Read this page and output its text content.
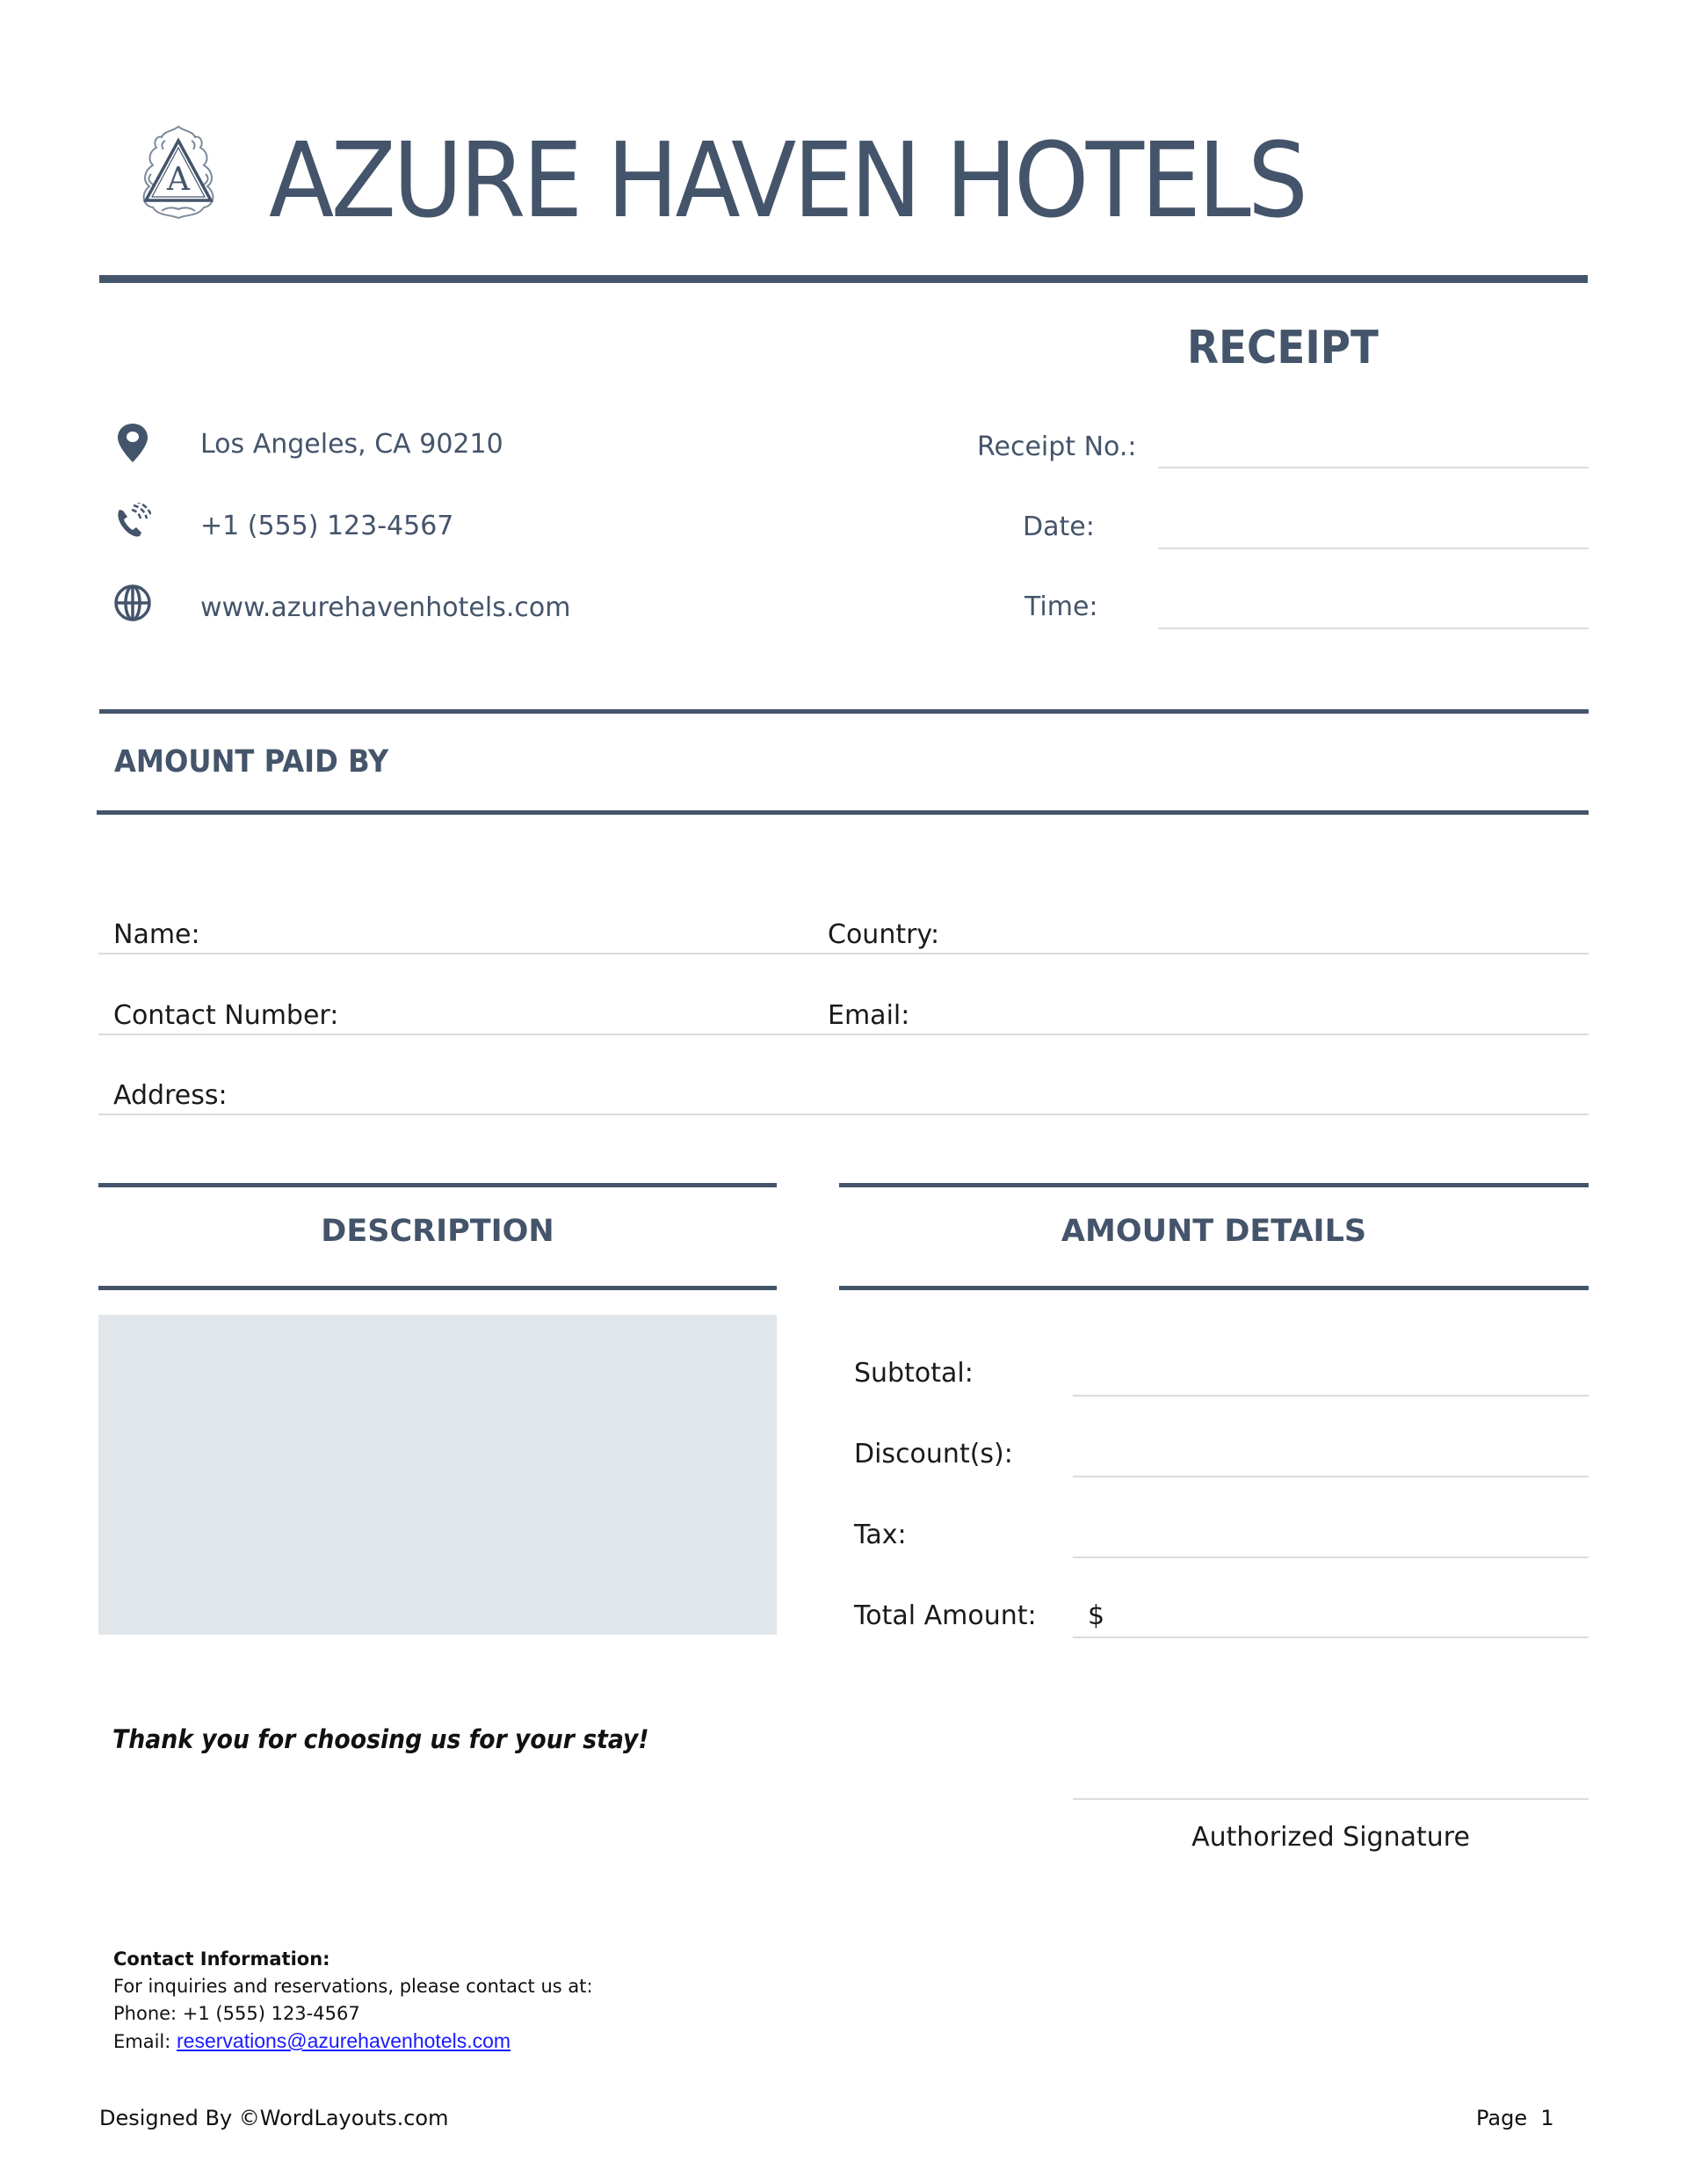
A AZURE HAVEN HOTELS
RECEIPT
Los Angeles, CA 90210
+1 (555) 123-4567
www.azurehavenhotels.com
Receipt No.:
Date:
Time:
AMOUNT PAID BY
Name:	Country:
Contact Number:	Email:
Address:
DESCRIPTION	AMOUNT DETAILS
Subtotal:
Discount(s):
Tax:
Total Amount: $
Thank you for choosing us for your stay!
Authorized Signature
Contact Information:
For inquiries and reservations, please contact us at:
Phone: +1 (555) 123-4567
Email: reservations@azurehavenhotels.com
Designed By ©WordLayouts.com	Page  1
